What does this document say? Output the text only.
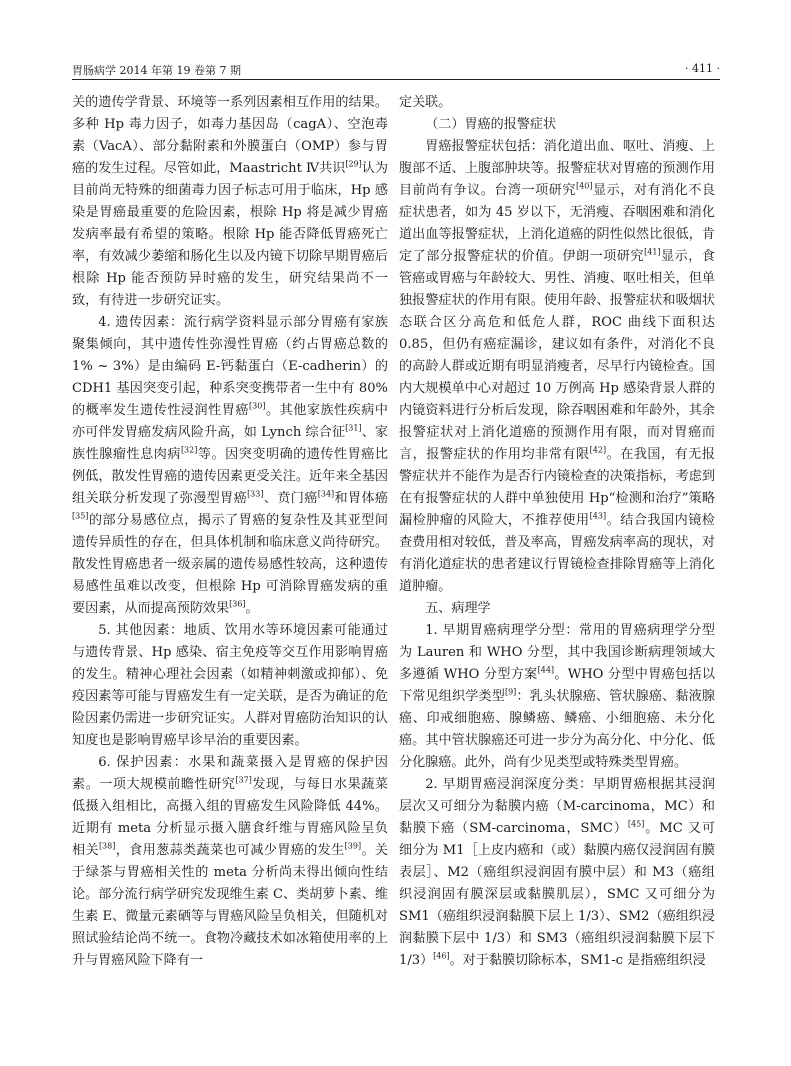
胃肠病学 2014 年第 19 卷第 7 期	· 411 ·

关的遗传学背景、环境等一系列因素相互作用的结果。多种 Hp 毒力因子，如毒力基因岛（cagA）、空泡毒素（VacA）、部分黏附素和外膜蛋白（OMP）参与胃癌的发生过程。尽管如此，Maastricht Ⅳ共识[29]认为目前尚无特殊的细菌毒力因子标志可用于临床，Hp 感染是胃癌最重要的危险因素，根除 Hp 将是减少胃癌发病率最有希望的策略。根除 Hp 能否降低胃癌死亡率，有效减少萎缩和肠化生以及内镜下切除早期胃癌后根除 Hp 能否预防异时癌的发生，研究结果尚不一致，有待进一步研究证实。

4. 遗传因素：流行病学资料显示部分胃癌有家族聚集倾向，其中遗传性弥漫性胃癌（约占胃癌总数的 1% ~ 3%）是由编码 E-钙黏蛋白（E-cadherin）的 CDH1 基因突变引起，种系突变携带者一生中有 80% 的概率发生遗传性浸润性胃癌[30]。其他家族性疾病中亦可伴发胃癌发病风险升高，如 Lynch 综合征[31]、家族性腺瘤性息肉病[32]等。因突变明确的遗传性胃癌比例低，散发性胃癌的遗传因素更受关注。近年来全基因组关联分析发现了弥漫型胃癌[33]、贲门癌[34]和胃体癌[35]的部分易感位点，揭示了胃癌的复杂性及其亚型间遗传异质性的存在，但具体机制和临床意义尚待研究。散发性胃癌患者一级亲属的遗传易感性较高，这种遗传易感性虽难以改变，但根除 Hp 可消除胃癌发病的重要因素，从而提高预防效果[36]。

5. 其他因素：地质、饮用水等环境因素可能通过与遗传背景、Hp 感染、宿主免疫等交互作用影响胃癌的发生。精神心理社会因素（如精神刺激或抑郁）、免疫因素等可能与胃癌发生有一定关联，是否为确证的危险因素仍需进一步研究证实。人群对胃癌防治知识的认知度也是影响胃癌早诊早治的重要因素。

6. 保护因素：水果和蔬菜摄入是胃癌的保护因素。一项大规模前瞻性研究[37]发现，与每日水果蔬菜低摄入组相比，高摄入组的胃癌发生风险降低 44%。近期有 meta 分析显示摄入膳食纤维与胃癌风险呈负相关[38]，食用葱蒜类蔬菜也可减少胃癌的发生[39]。关于绿茶与胃癌相关性的 meta 分析尚未得出倾向性结论。部分流行病学研究发现维生素 C、类胡萝卜素、维生素 E、微量元素硒等与胃癌风险呈负相关，但随机对照试验结论尚不统一。食物冷藏技术如冰箱使用率的上升与胃癌风险下降有一

定关联。

（二）胃癌的报警症状

胃癌报警症状包括：消化道出血、呕吐、消瘦、上腹部不适、上腹部肿块等。报警症状对胃癌的预测作用目前尚有争议。台湾一项研究[40]显示，对有消化不良症状患者，如为 45 岁以下，无消瘦、吞咽困难和消化道出血等报警症状，上消化道癌的阴性似然比很低，肯定了部分报警症状的价值。伊朗一项研究[41]显示，食管癌或胃癌与年龄较大、男性、消瘦、呕吐相关，但单独报警症状的作用有限。使用年龄、报警症状和吸烟状态联合区分高危和低危人群，ROC 曲线下面积达 0.85，但仍有癌症漏诊，建议如有条件，对消化不良的高龄人群或近期有明显消瘦者，尽早行内镜检查。国内大规模单中心对超过 10 万例高 Hp 感染背景人群的内镜资料进行分析后发现，除吞咽困难和年龄外，其余报警症状对上消化道癌的预测作用有限，而对胃癌而言，报警症状的作用均非常有限[42]。在我国，有无报警症状并不能作为是否行内镜检查的决策指标，考虑到在有报警症状的人群中单独使用 Hp“检测和治疗”策略漏检肿瘤的风险大，不推荐使用[43]。结合我国内镜检查费用相对较低，普及率高，胃癌发病率高的现状，对有消化道症状的患者建议行胃镜检查排除胃癌等上消化道肿瘤。

五、病理学

1. 早期胃癌病理学分型：常用的胃癌病理学分型为 Lauren 和 WHO 分型，其中我国诊断病理领域大多遵循 WHO 分型方案[44]。WHO 分型中胃癌包括以下常见组织学类型[9]：乳头状腺癌、管状腺癌、黏液腺癌、印戒细胞癌、腺鳞癌、鳞癌、小细胞癌、未分化癌。其中管状腺癌还可进一步分为高分化、中分化、低分化腺癌。此外，尚有少见类型或特殊类型胃癌。

2. 早期胃癌浸润深度分类：早期胃癌根据其浸润层次又可细分为黏膜内癌（M-carcinoma，MC）和黏膜下癌（SM-carcinoma，SMC）[45]。MC 又可细分为 M1［上皮内癌和（或）黏膜内癌仅浸润固有膜表层］、M2（癌组织浸润固有膜中层）和 M3（癌组织浸润固有膜深层或黏膜肌层），SMC 又可细分为 SM1（癌组织浸润黏膜下层上 1/3）、SM2（癌组织浸润黏膜下层中 1/3）和 SM3（癌组织浸润黏膜下层下 1/3）[46]。对于黏膜切除标本，SM1-c 是指癌组织浸
